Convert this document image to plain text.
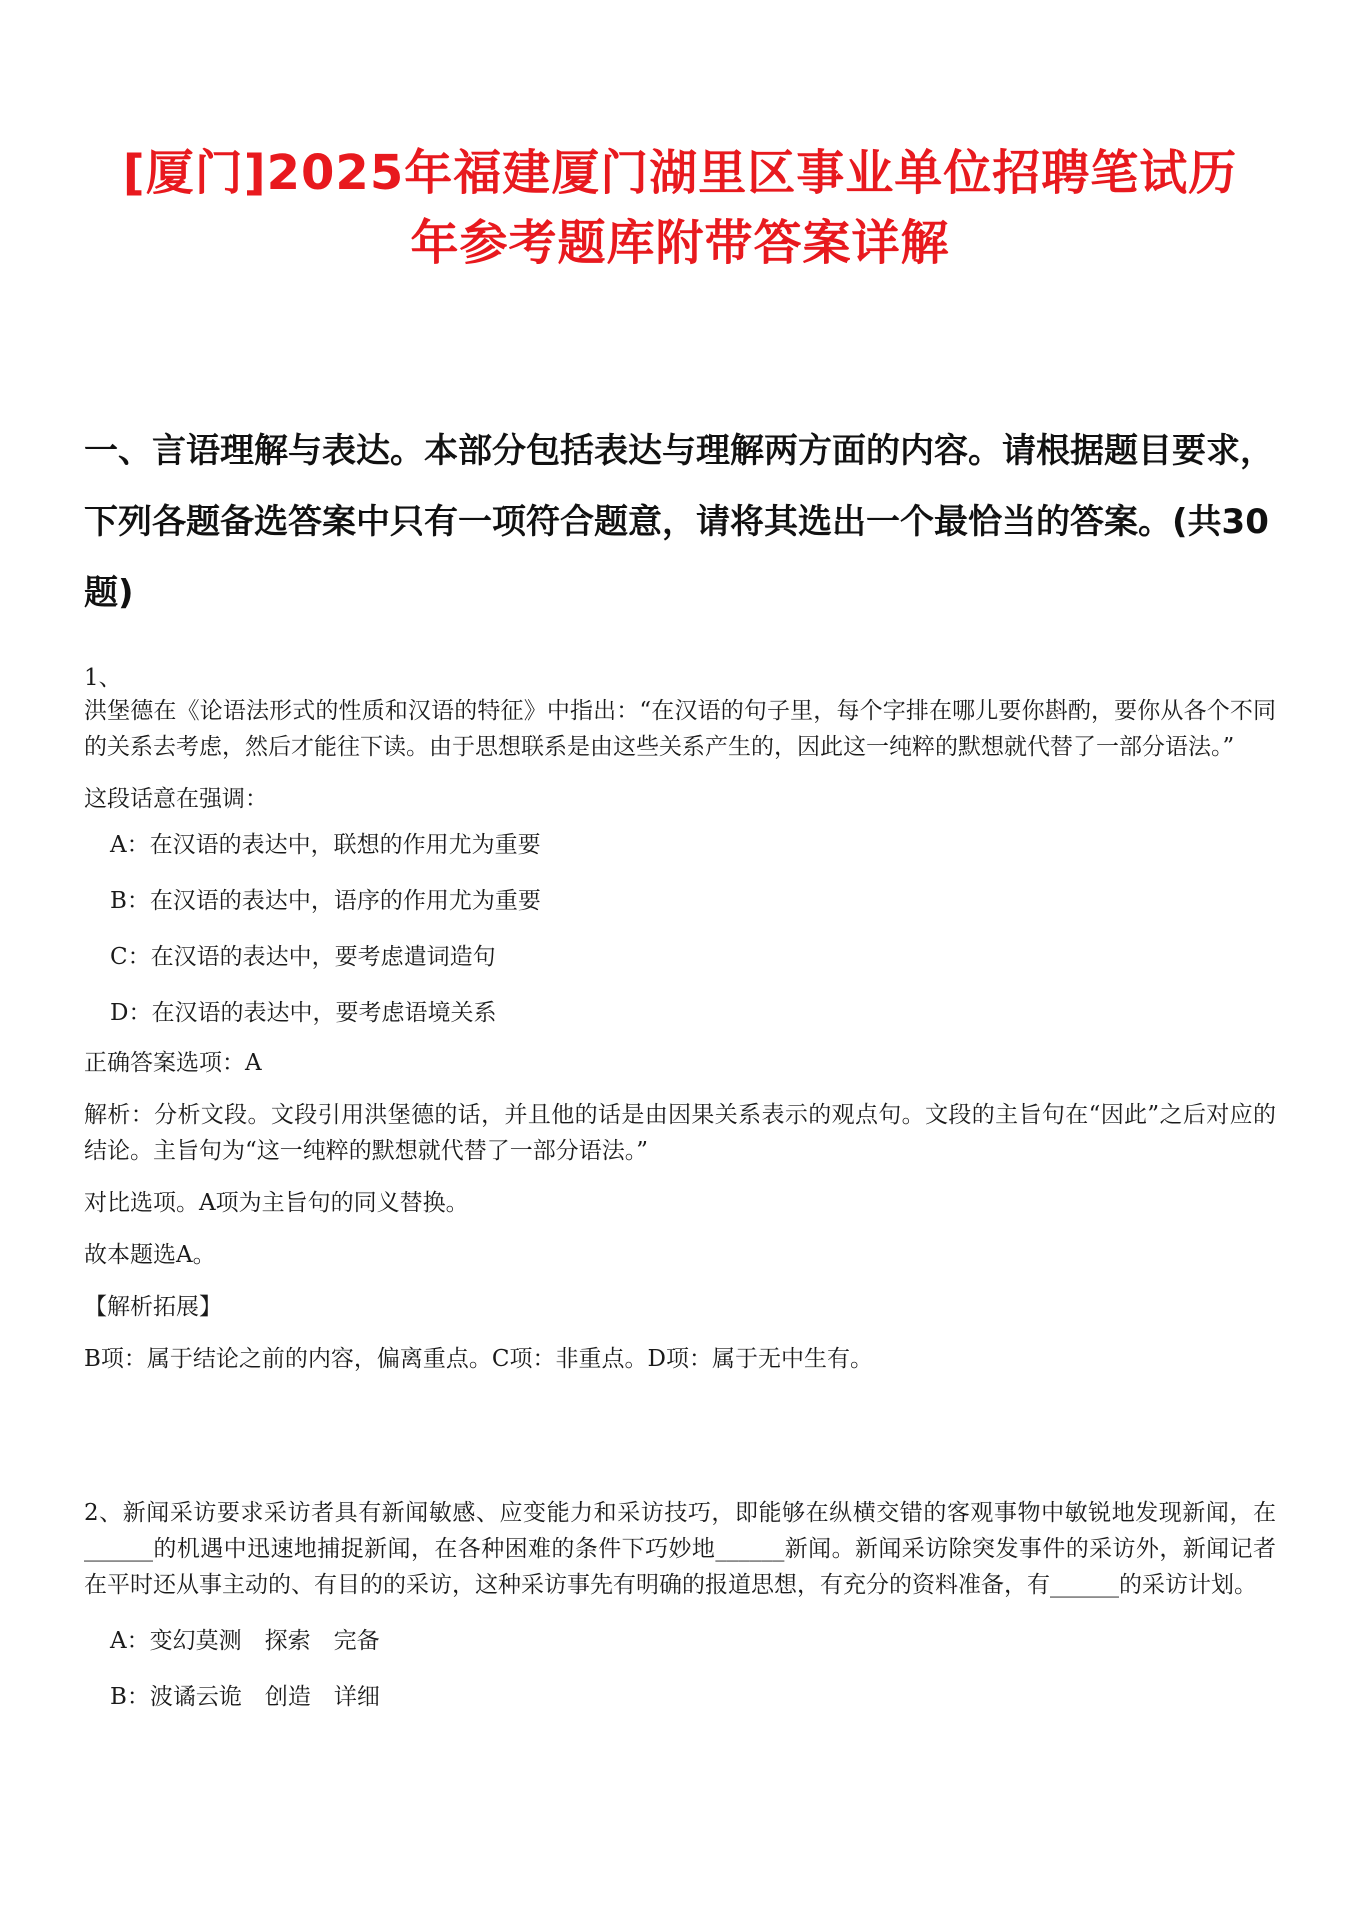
[厦门]2025年福建厦门湖里区事业单位招聘笔试历
年参考题库附带答案详解
一、言语理解与表达。本部分包括表达与理解两方面的内容。请根据题目要求，下列各题备选答案中只有一项符合题意，请将其选出一个最恰当的答案。(共30题)
1、

洪堡德在《论语法形式的性质和汉语的特征》中指出：“在汉语的句子里，每个字排在哪儿要你斟酌，要你从各个不同的关系去考虑，然后才能往下读。由于思想联系是由这些关系产生的，因此这一纯粹的默想就代替了一部分语法。”

这段话意在强调：

A：在汉语的表达中，联想的作用尤为重要
B：在汉语的表达中，语序的作用尤为重要
C：在汉语的表达中，要考虑遣词造句
D：在汉语的表达中，要考虑语境关系

正确答案选项：A

解析：分析文段。文段引用洪堡德的话，并且他的话是由因果关系表示的观点句。文段的主旨句在“因此”之后对应的结论。主旨句为“这一纯粹的默想就代替了一部分语法。”

对比选项。A项为主旨句的同义替换。

故本题选A。

【解析拓展】

B项：属于结论之前的内容，偏离重点。C项：非重点。D项：属于无中生有。

2、新闻采访要求采访者具有新闻敏感、应变能力和采访技巧，即能够在纵横交错的客观事物中敏锐地发现新闻，在______的机遇中迅速地捕捉新闻，在各种困难的条件下巧妙地______新闻。新闻采访除突发事件的采访外，新闻记者在平时还从事主动的、有目的的采访，这种采访事先有明确的报道思想，有充分的资料准备，有______的采访计划。

A：变幻莫测　探索　完备
B：波谲云诡　创造　详细
